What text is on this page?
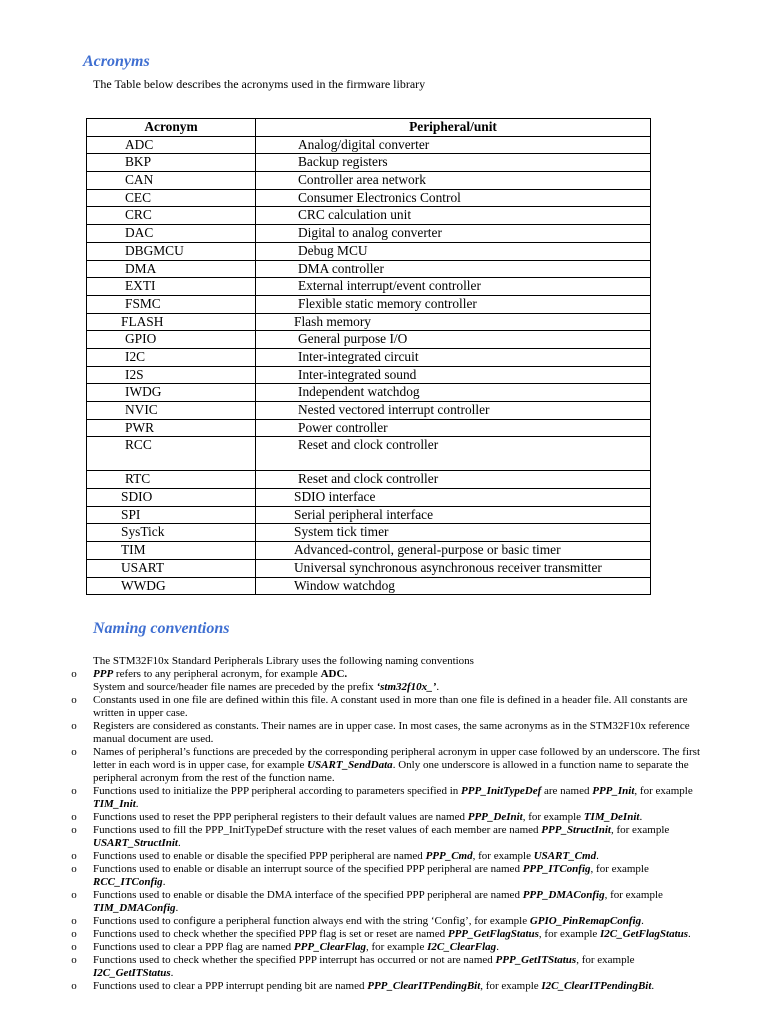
Acronyms
The Table below describes the acronyms used in the firmware library
Acronym	Peripheral/unit
ADC	Analog/digital converter
BKP	Backup registers
CAN	Controller area network
CEC	Consumer Electronics Control
CRC	CRC calculation unit
DAC	Digital to analog converter
DBGMCU	Debug MCU
DMA	DMA controller
EXTI	External interrupt/event controller
FSMC	Flexible static memory controller
FLASH	Flash memory
GPIO	General purpose I/O
I2C	Inter-integrated circuit
I2S	Inter-integrated sound
IWDG	Independent watchdog
NVIC	Nested vectored interrupt controller
PWR	Power controller
RCC	Reset and clock controller
RTC	Reset and clock controller
SDIO	SDIO interface
SPI	Serial peripheral interface
SysTick	System tick timer
TIM	Advanced-control, general-purpose or basic timer
USART	Universal synchronous asynchronous receiver transmitter
WWDG	Window watchdog
Naming conventions
The STM32F10x Standard Peripherals Library uses the following naming conventions
o PPP refers to any peripheral acronym, for example ADC.
System and source/header file names are preceded by the prefix ‘stm32f10x_’.
o Constants used in one file are defined within this file. A constant used in more than one file is defined in a header file. All constants are written in upper case.
o Registers are considered as constants. Their names are in upper case. In most cases, the same acronyms as in the STM32F10x reference manual document are used.
o Names of peripheral’s functions are preceded by the corresponding peripheral acronym in upper case followed by an underscore. The first letter in each word is in upper case, for example USART_SendData. Only one underscore is allowed in a function name to separate the peripheral acronym from the rest of the function name.
o Functions used to initialize the PPP peripheral according to parameters specified in PPP_InitTypeDef are named PPP_Init, for example TIM_Init.
o Functions used to reset the PPP peripheral registers to their default values are named PPP_DeInit, for example TIM_DeInit.
o Functions used to fill the PPP_InitTypeDef structure with the reset values of each member are named PPP_StructInit, for example USART_StructInit.
o Functions used to enable or disable the specified PPP peripheral are named PPP_Cmd, for example USART_Cmd.
o Functions used to enable or disable an interrupt source of the specified PPP peripheral are named PPP_ITConfig, for example RCC_ITConfig.
o Functions used to enable or disable the DMA interface of the specified PPP peripheral are named PPP_DMAConfig, for example TIM_DMAConfig.
o Functions used to configure a peripheral function always end with the string ‘Config’, for example GPIO_PinRemapConfig.
o Functions used to check whether the specified PPP flag is set or reset are named PPP_GetFlagStatus, for example I2C_GetFlagStatus.
o Functions used to clear a PPP flag are named PPP_ClearFlag, for example I2C_ClearFlag.
o Functions used to check whether the specified PPP interrupt has occurred or not are named PPP_GetITStatus, for example I2C_GetITStatus.
o Functions used to clear a PPP interrupt pending bit are named PPP_ClearITPendingBit, for example I2C_ClearITPendingBit.
